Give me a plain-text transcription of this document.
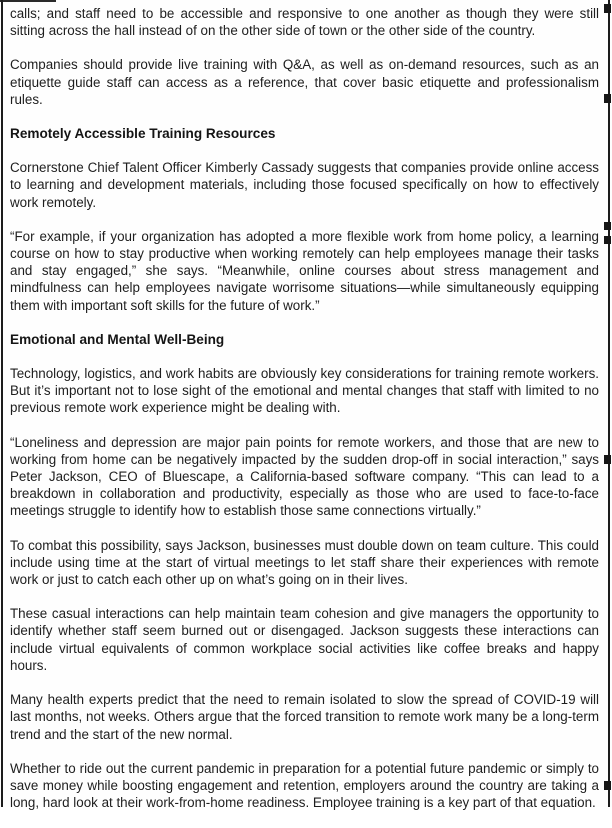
calls; and staff need to be accessible and responsive to one another as though they were still sitting across the hall instead of on the other side of town or the other side of the country.

Companies should provide live training with Q&A, as well as on-demand resources, such as an etiquette guide staff can access as a reference, that cover basic etiquette and professionalism rules.

Remotely Accessible Training Resources

Cornerstone Chief Talent Officer Kimberly Cassady suggests that companies provide online access to learning and development materials, including those focused specifically on how to effectively work remotely.

“For example, if your organization has adopted a more flexible work from home policy, a learning course on how to stay productive when working remotely can help employees manage their tasks and stay engaged,” she says. “Meanwhile, online courses about stress management and mindfulness can help employees navigate worrisome situations—while simultaneously equipping them with important soft skills for the future of work.”

Emotional and Mental Well-Being

Technology, logistics, and work habits are obviously key considerations for training remote workers. But it’s important not to lose sight of the emotional and mental changes that staff with limited to no previous remote work experience might be dealing with.

“Loneliness and depression are major pain points for remote workers, and those that are new to working from home can be negatively impacted by the sudden drop-off in social interaction,” says Peter Jackson, CEO of Bluescape, a California-based software company. “This can lead to a breakdown in collaboration and productivity, especially as those who are used to face-to-face meetings struggle to identify how to establish those same connections virtually.”

To combat this possibility, says Jackson, businesses must double down on team culture. This could include using time at the start of virtual meetings to let staff share their experiences with remote work or just to catch each other up on what’s going on in their lives.

These casual interactions can help maintain team cohesion and give managers the opportunity to identify whether staff seem burned out or disengaged. Jackson suggests these interactions can include virtual equivalents of common workplace social activities like coffee breaks and happy hours.

Many health experts predict that the need to remain isolated to slow the spread of COVID-19 will last months, not weeks. Others argue that the forced transition to remote work many be a long-term trend and the start of the new normal.

Whether to ride out the current pandemic in preparation for a potential future pandemic or simply to save money while boosting engagement and retention, employers around the country are taking a long, hard look at their work-from-home readiness. Employee training is a key part of that equation.
